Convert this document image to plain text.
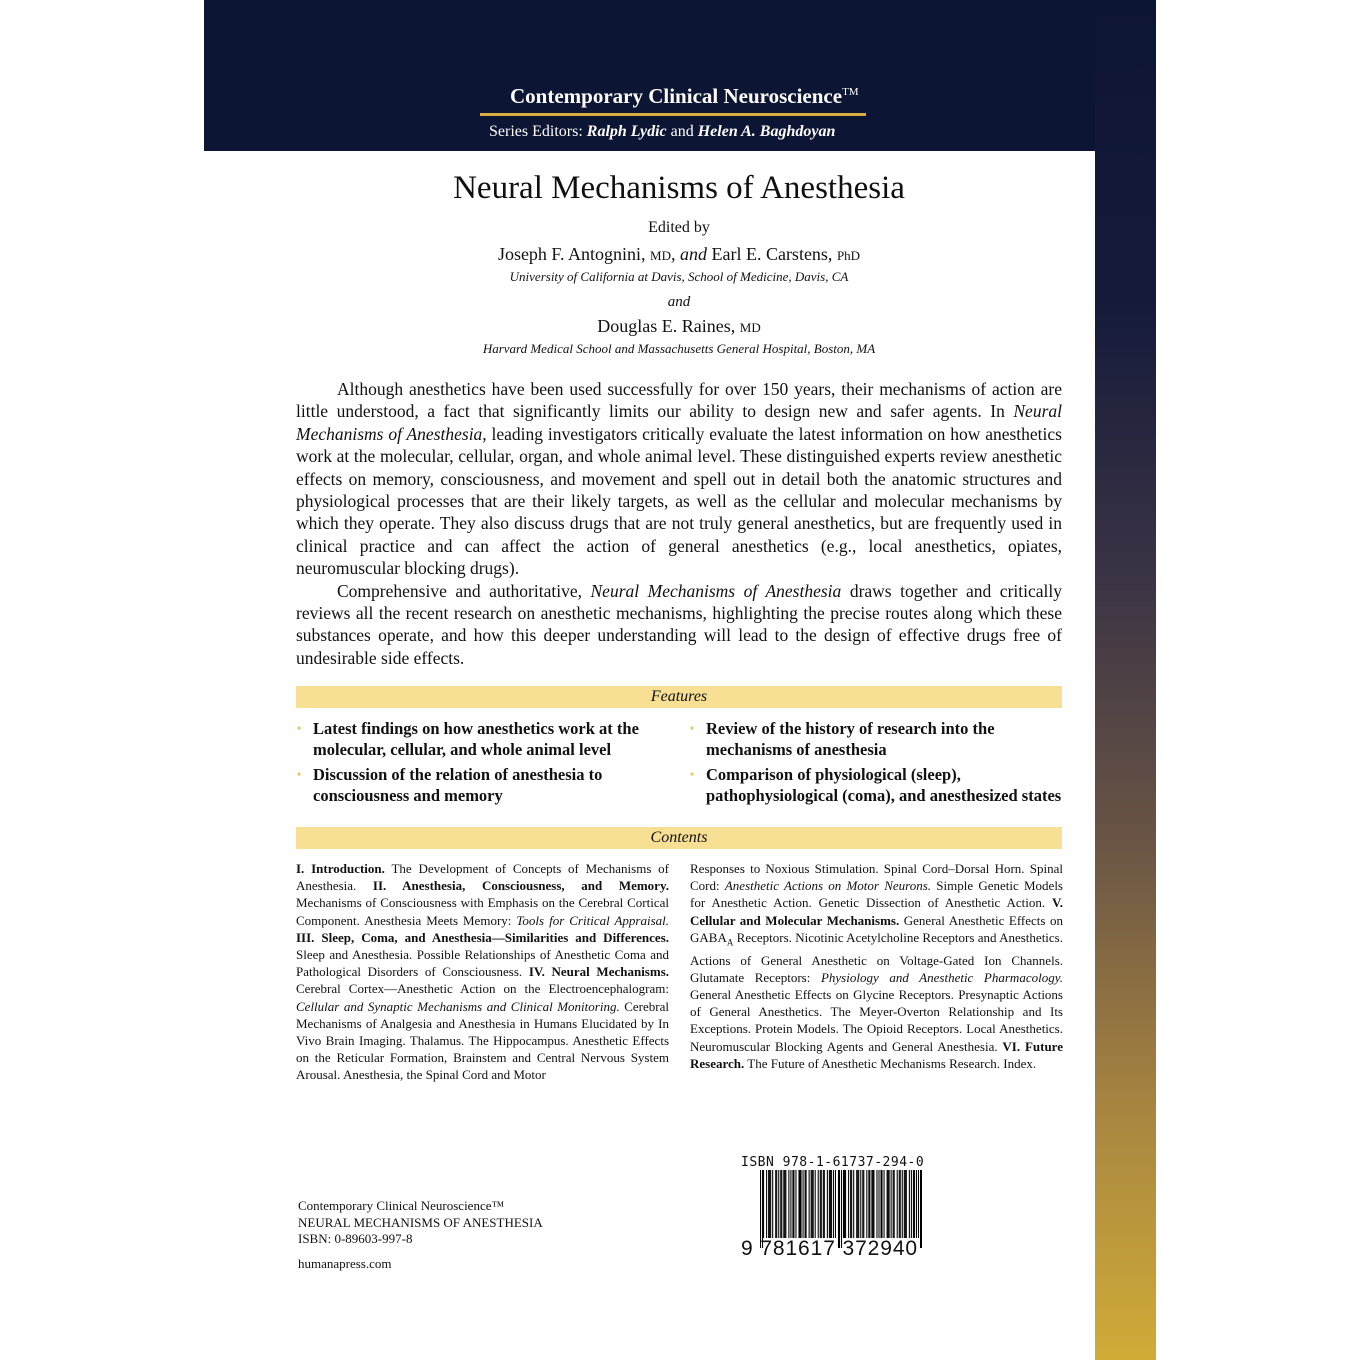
Contemporary Clinical Neuroscience™
Series Editors: Ralph Lydic and Helen A. Baghdoyan
Neural Mechanisms of Anesthesia
Edited by
Joseph F. Antognini, MD, and Earl E. Carstens, PhD
University of California at Davis, School of Medicine, Davis, CA
and
Douglas E. Raines, MD
Harvard Medical School and Massachusetts General Hospital, Boston, MA

Although anesthetics have been used successfully for over 150 years, their mechanisms of action are little understood, a fact that significantly limits our ability to design new and safer agents. In Neural Mechanisms of Anesthesia, leading investigators critically evaluate the latest information on how anesthetics work at the molecular, cellular, organ, and whole animal level. These distinguished experts review anesthetic effects on memory, consciousness, and movement and spell out in detail both the anatomic structures and physiological processes that are their likely targets, as well as the cellular and molecular mechanisms by which they operate. They also discuss drugs that are not truly general anesthetics, but are frequently used in clinical practice and can affect the action of general anesthetics (e.g., local anesthetics, opiates, neuromuscular blocking drugs).

Comprehensive and authoritative, Neural Mechanisms of Anesthesia draws together and critically reviews all the recent research on anesthetic mechanisms, highlighting the precise routes along which these substances operate, and how this deeper understanding will lead to the design of effective drugs free of undesirable side effects.

Features
• Latest findings on how anesthetics work at the molecular, cellular, and whole animal level
• Discussion of the relation of anesthesia to consciousness and memory
• Review of the history of research into the mechanisms of anesthesia
• Comparison of physiological (sleep), pathophysiological (coma), and anesthesized states
Contents
I. Introduction. The Development of Concepts of Mechanisms of Anesthesia. II. Anesthesia, Consciousness, and Memory. Mechanisms of Consciousness with Emphasis on the Cerebral Cortical Component. Anesthesia Meets Memory: Tools for Critical Appraisal. III. Sleep, Coma, and Anesthesia—Similarities and Differences. Sleep and Anesthesia. Possible Relationships of Anesthetic Coma and Pathological Disorders of Consciousness. IV. Neural Mechanisms. Cerebral Cortex—Anesthetic Action on the Electroencephalogram: Cellular and Synaptic Mechanisms and Clinical Monitoring. Cerebral Mechanisms of Analgesia and Anesthesia in Humans Elucidated by In Vivo Brain Imaging. Thalamus. The Hippocampus. Anesthetic Effects on the Reticular Formation, Brainstem and Central Nervous System Arousal. Anesthesia, the Spinal Cord and Motor
Responses to Noxious Stimulation. Spinal Cord–Dorsal Horn. Spinal Cord: Anesthetic Actions on Motor Neurons. Simple Genetic Models for Anesthetic Action. Genetic Dissection of Anesthetic Action. V. Cellular and Molecular Mechanisms. General Anesthetic Effects on $GABA_A$ Receptors. Nicotinic Acetylcholine Receptors and Anesthetics. Actions of General Anesthetic on Voltage-Gated Ion Channels. Glutamate Receptors: Physiology and Anesthetic Pharmacology. General Anesthetic Effects on Glycine Receptors. Presynaptic Actions of General Anesthetics. The Meyer-Overton Relationship and Its Exceptions. Protein Models. The Opioid Receptors. Local Anesthetics. Neuromuscular Blocking Agents and General Anesthesia. VI. Future Research. The Future of Anesthetic Mechanisms Research. Index.
Contemporary Clinical Neuroscience™
NEURAL MECHANISMS OF ANESTHESIA
ISBN: 0-89603-997-8
humanapress.com
ISBN 978-1-61737-294-0
9 781617 372940
